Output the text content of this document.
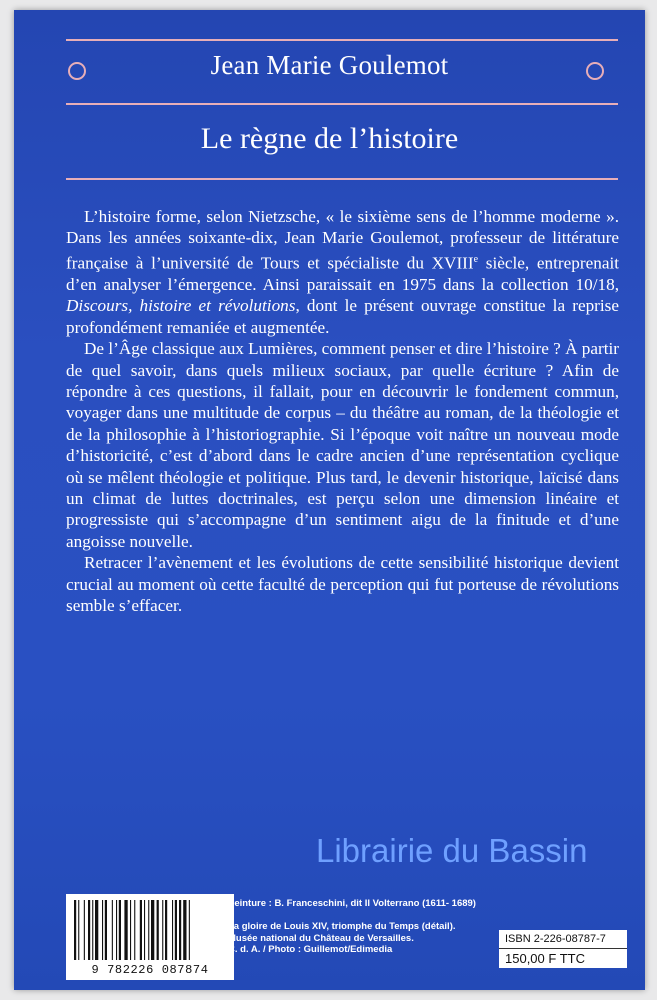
Jean Marie Goulemot
Le règne de l’histoire

L’histoire forme, selon Nietzsche, « le sixième sens de l’homme moderne ». Dans les années soixante-dix, Jean Marie Goulemot, professeur de littérature française à l’université de Tours et spécialiste du XVIIIe siècle, entreprenait d’en analyser l’émergence. Ainsi paraissait en 1975 dans la collection 10/18, Discours, histoire et révolutions, dont le présent ouvrage constitue la reprise profondément remaniée et augmentée.

De l’Âge classique aux Lumières, comment penser et dire l’histoire ? À partir de quel savoir, dans quels milieux sociaux, par quelle écriture ? Afin de répondre à ces questions, il fallait, pour en découvrir le fondement commun, voyager dans une multitude de corpus – du théâtre au roman, de la théologie et de la philosophie à l’historiographie. Si l’époque voit naître un nouveau mode d’historicité, c’est d’abord dans le cadre ancien d’une représentation cyclique où se mêlent théologie et politique. Plus tard, le devenir historique, laïcisé dans un climat de luttes doctrinales, est perçu selon une dimension linéaire et progressiste qui s’accompagne d’un sentiment aigu de la finitude et d’une angoisse nouvelle.

Retracer l’avènement et les évolutions de cette sensibilité historique devient crucial au moment où cette faculté de perception qui fut porteuse de révolutions semble s’effacer.

Librairie du Bassin
9 782226 087874
Peinture : B. Franceschini, dit Il Volterrano (1611- 1689) :
La gloire de Louis XIV, triomphe du Temps (détail).
Musée national du Château de Versailles.
C. d. A. / Photo : Guillemot/Edimedia
ISBN 2-226-08787-7
150,00 F TTC
